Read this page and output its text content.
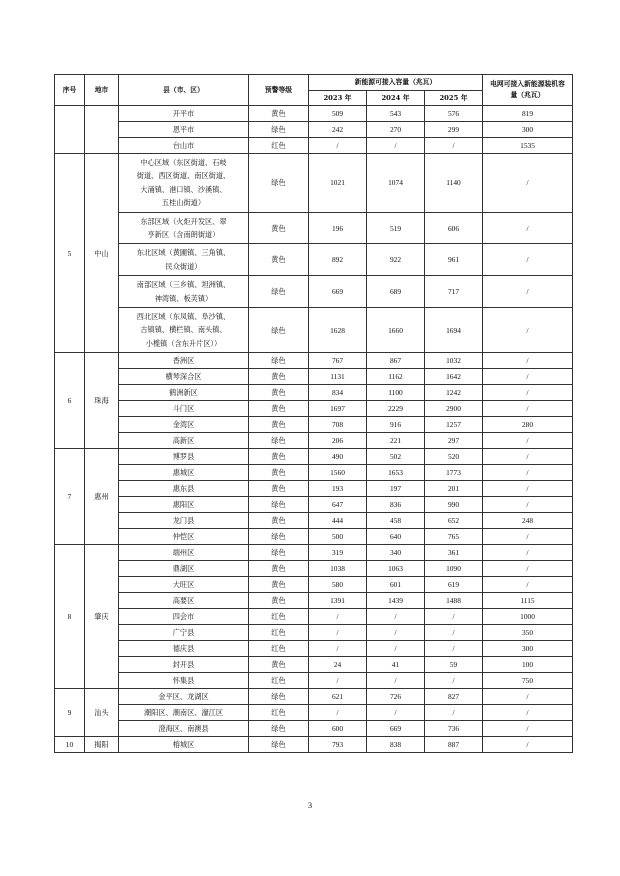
序号	地市	县（市、区）	预警等级	新能源可接入容量（兆瓦）			电网可接入新能源装机容量（兆瓦）
				2023 年	2024 年	2025 年	
		开平市	黄色	509	543	576	819
		恩平市	绿色	242	270	299	300
		台山市	红色	/	/	/	1535
5	中山	中心区域（东区街道、石岐
街道、西区街道、南区街道、
大涌镇、港口镇、沙溪镇、
五桂山街道）	绿色	1021	1074	1140	/

		东部区域（火炬开发区、翠
亨新区（含南朗街道）	黄色	196	519	606	/

		东北区域（黄圃镇、三角镇、
民众街道）	黄色	892	922	961	/

		南部区域（三乡镇、坦洲镇、
神湾镇、板芙镇）	绿色	669	689	717	/

		西北区域（东凤镇、阜沙镇、
古镇镇、横栏镇、南头镇、
小榄镇（含东升片区））	绿色	1628	1660	1694	/
6	珠海	香洲区	绿色	767	867	1032	/

		横琴深合区	黄色	1131	1162	1642	/

		鹤洲新区	黄色	834	1100	1242	/

		斗门区	黄色	1697	2229	2900	/

		金湾区	黄色	708	916	1257	280

		高新区	绿色	206	221	297	/
7	惠州	博罗县	黄色	490	502	520	/

		惠城区	黄色	1560	1653	1773	/

		惠东县	黄色	193	197	201	/

		惠阳区	绿色	647	836	990	/

		龙门县	黄色	444	458	652	248

		仲恺区	绿色	500	640	765	/
8	肇庆	端州区	绿色	319	340	361	/

		鼎湖区	黄色	1038	1063	1090	/

		大旺区	黄色	580	601	619	/

		高要区	黄色	1391	1439	1488	1115

		四会市	红色	/	/	/	1000

		广宁县	红色	/	/	/	350

		德庆县	红色	/	/	/	300

		封开县	黄色	24	41	59	100

		怀集县	红色	/	/	/	750
9	汕头	金平区、龙湖区	绿色	621	726	827	/

		潮阳区、潮南区、濠江区	红色	/	/	/	/

		澄海区、南澳县	绿色	600	669	736	/
10	揭阳	榕城区	绿色	793	838	887	/
3
